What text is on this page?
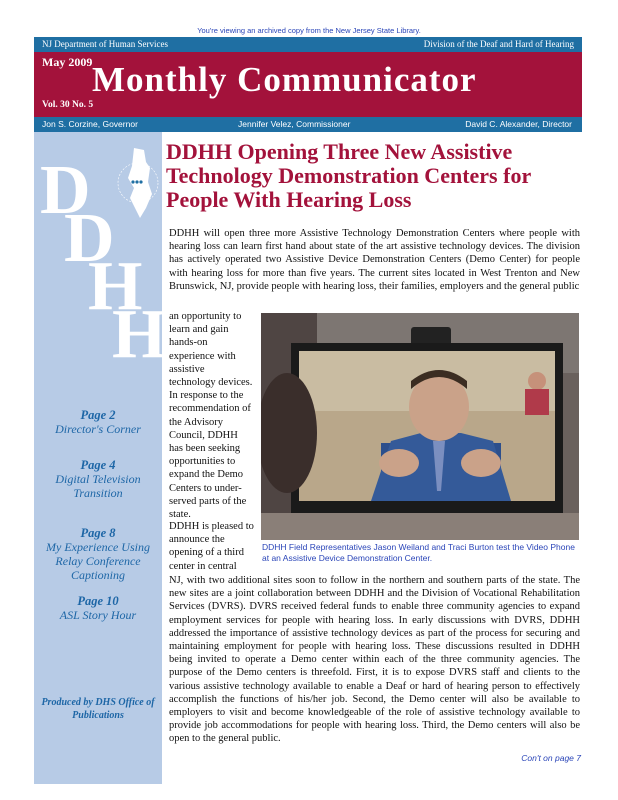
You're viewing an archived copy from the New Jersey State Library.
NJ Department of Human Services	Division of the Deaf and Hard of Hearing
May 2009 Monthly Communicator
Vol. 30 No. 5
Jon S. Corzine, Governor	Jennifer Velez, Commissioner	David C. Alexander, Director
D
D
H
H
Page 2
Director's Corner
Page 4
Digital Television Transition
Page 8
My Experience Using Relay Conference Captioning
Page 10
ASL Story Hour
Produced by DHS Office of Publications
DDHH Opening Three New Assistive Technology Demonstration Centers for People With Hearing Loss

DDHH will open three more Assistive Technology Demonstration Centers where people with hearing loss can learn first hand about state of the art assistive technology devices. The division has actively operated two Assistive Device Demonstration Centers (Demo Center) for people with hearing loss for more than five years. The current sites located in West Trenton and New Brunswick, NJ, provide people with hearing loss, their families, employers and the general public

an opportunity to learn and gain hands-on experience with assistive technology devices. In response to the recommendation of the Advisory Council, DDHH has been seeking opportunities to expand the Demo Centers to under-served parts of the state.

DDHH Field Representatives Jason Weiland and Traci Burton test the Video Phone at an Assistive Device Demonstration Center.

DDHH is pleased to announce the opening of a third center in central

NJ, with two additional sites soon to follow in the northern and southern parts of the state. The new sites are a joint collaboration between DDHH and the Division of Vocational Rehabilitation Services (DVRS). DVRS received federal funds to enable three community agencies to expand employment services for people with hearing loss. In early discussions with DVRS, DDHH addressed the importance of assistive technology devices as part of the process for securing and maintaining employment for people with hearing loss. These discussions resulted in DDHH being invited to operate a Demo center within each of the three community agencies. The purpose of the Demo centers is threefold. First, it is to expose DVRS staff and clients to the various assistive technology available to enable a Deaf or hard of hearing person to effectively accomplish the functions of his/her job. Second, the Demo center will also be available to employers to visit and become knowledgeable of the role of assistive technology available to provide job accommodations for people with hearing loss. Third, the Demo centers will also be open to the general public.

Con't on page 7
